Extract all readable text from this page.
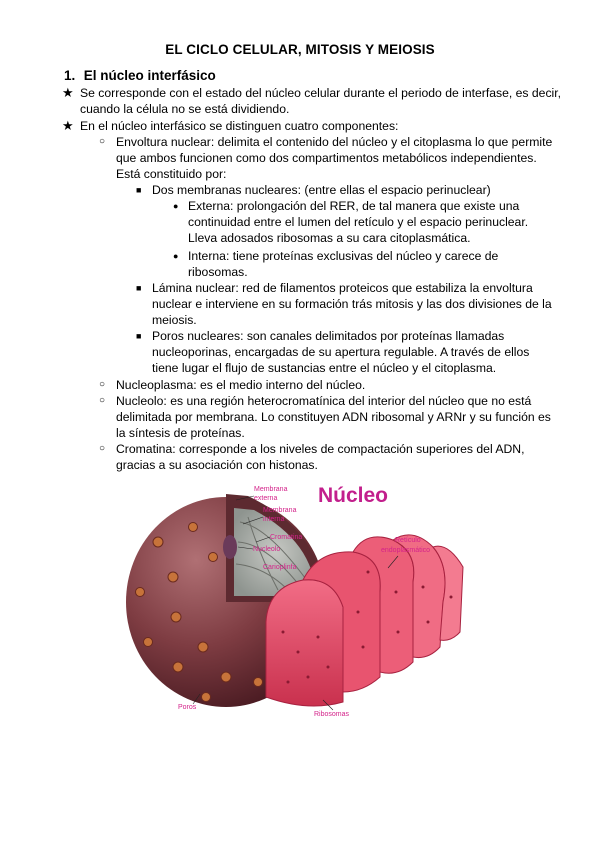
EL CICLO CELULAR, MITOSIS Y MEIOSIS
1. El núcleo interfásico
★ Se corresponde con el estado del núcleo celular durante el periodo de interfase, es decir,
cuando la célula no se está dividiendo.
★ En el núcleo interfásico se distinguen cuatro componentes:
○ Envoltura nuclear: delimita el contenido del núcleo y el citoplasma lo que permite
que ambos funcionen como dos compartimentos metabólicos independientes.
Está constituido por:
■ Dos membranas nucleares: (entre ellas el espacio perinuclear)
● Externa: prolongación del RER, de tal manera que existe una
continuidad entre el lumen del retículo y el espacio perinuclear.
Lleva adosados ribosomas a su cara citoplasmática.
● Interna: tiene proteínas exclusivas del núcleo y carece de
ribosomas.
■ Lámina nuclear: red de filamentos proteicos que estabiliza la envoltura
nuclear e interviene en su formación trás mitosis y las dos divisiones de la
meiosis.
■ Poros nucleares: son canales delimitados por proteínas llamadas
nucleoporinas, encargadas de su apertura regulable. A través de ellos
tiene lugar el flujo de sustancias entre el núcleo y el citoplasma.
○ Nucleoplasma: es el medio interno del núcleo.
○ Nucleolo: es una región heterocromatínica del interior del núcleo que no está
delimitada por membrana. Lo constituyen ADN ribosomal y ARNr y su función es
la síntesis de proteínas.
○ Cromatina: corresponde a los niveles de compactación superiores del ADN,
gracias a su asociación con histonas.
Núcleo
Membrana
externa
Membrana
interna
Cromatina
Nucleolo
Carioplinfa
Retículo
endoplasmático
Poros
Ribosomas
